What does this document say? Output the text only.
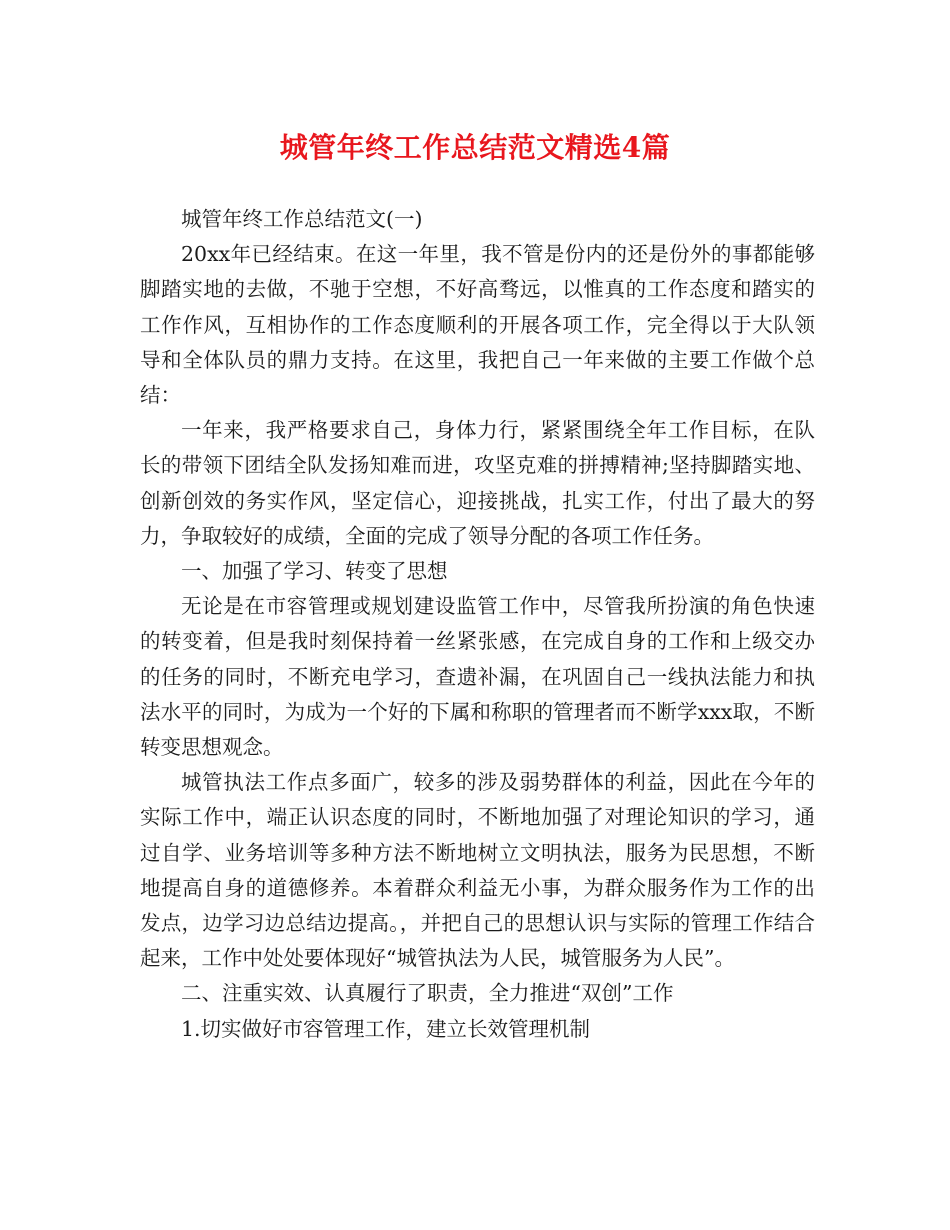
城管年终工作总结范文精选4篇

城管年终工作总结范文(一)

20xx年已经结束。在这一年里，我不管是份内的还是份外的事都能够脚踏实地的去做，不驰于空想，不好高骛远，以惟真的工作态度和踏实的工作作风，互相协作的工作态度顺利的开展各项工作，完全得以于大队领导和全体队员的鼎力支持。在这里，我把自己一年来做的主要工作做个总结：

一年来，我严格要求自己，身体力行，紧紧围绕全年工作目标，在队长的带领下团结全队发扬知难而进，攻坚克难的拼搏精神;坚持脚踏实地、创新创效的务实作风，坚定信心，迎接挑战，扎实工作，付出了最大的努力，争取较好的成绩，全面的完成了领导分配的各项工作任务。

一、加强了学习、转变了思想

无论是在市容管理或规划建设监管工作中，尽管我所扮演的角色快速的转变着，但是我时刻保持着一丝紧张感，在完成自身的工作和上级交办的任务的同时，不断充电学习，查遗补漏，在巩固自己一线执法能力和执法水平的同时，为成为一个好的下属和称职的管理者而不断学xxx取，不断转变思想观念。

城管执法工作点多面广，较多的涉及弱势群体的利益，因此在今年的实际工作中，端正认识态度的同时，不断地加强了对理论知识的学习，通过自学、业务培训等多种方法不断地树立文明执法，服务为民思想，不断地提高自身的道德修养。本着群众利益无小事，为群众服务作为工作的出发点，边学习边总结边提高。，并把自己的思想认识与实际的管理工作结合起来，工作中处处要体现好“城管执法为人民，城管服务为人民”。

二、注重实效、认真履行了职责，全力推进“双创”工作

1.切实做好市容管理工作，建立长效管理机制
